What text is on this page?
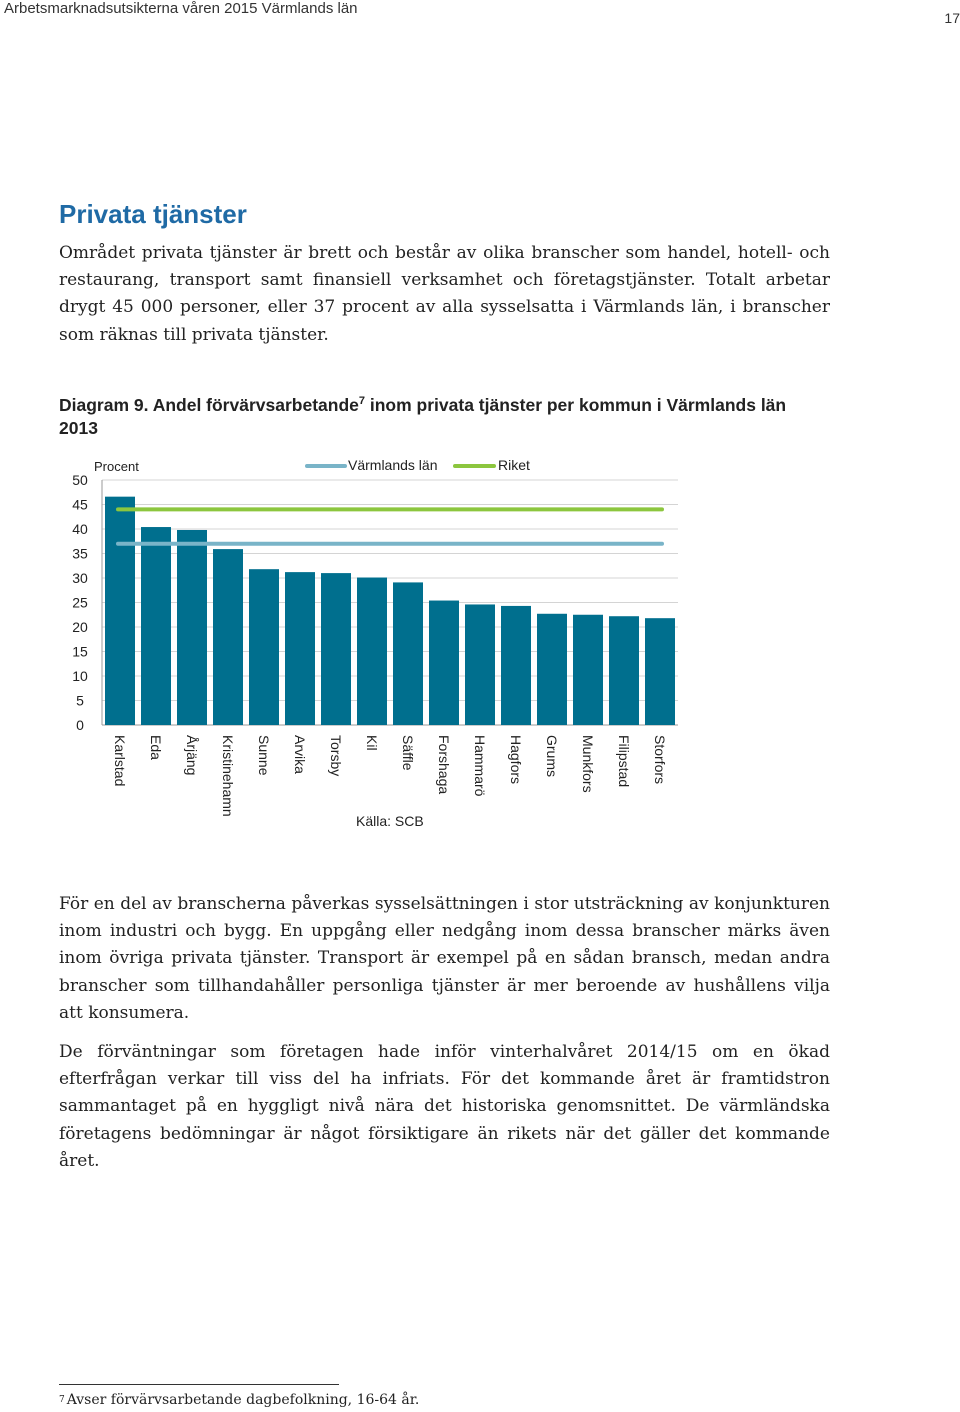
Arbetsmarknadsutsikterna våren 2015 Värmlands län
17
Privata tjänster

Området privata tjänster är brett och består av olika branscher som handel, hotell- och restaurang, transport samt finansiell verksamhet och företagstjänster. Totalt arbetar drygt 45 000 personer, eller 37 procent av alla sysselsatta i Värmlands län, i branscher som räknas till privata tjänster.

Diagram 9. Andel förvärvsarbetande$^7$ inom privata tjänster per kommun i Värmlands län 2013

0
5
10
15
20
25
30
35
40
45
50
Procent
Karlstad Eda Årjäng Kristinehamn Sunne Arvika Torsby Kil Säffle Forshaga Hammarö Hagfors Grums Munkfors Filipstad Storfors
Värmlands län	Riket
Källa: SCB

För en del av branscherna påverkas sysselsättningen i stor utsträckning av konjunkturen inom industri och bygg. En uppgång eller nedgång inom dessa branscher märks även inom övriga privata tjänster. Transport är exempel på en sådan bransch, medan andra branscher som tillhandahåller personliga tjänster är mer beroende av hushållens vilja att konsumera.

De förväntningar som företagen hade inför vinterhalvåret 2014/15 om en ökad efterfrågan verkar till viss del ha infriats. För det kommande året är framtidstron sammantaget på en hyggligt nivå nära det historiska genomsnittet. De värmländska företagens bedömningar är något försiktigare än rikets när det gäller det kommande året.

7 Avser förvärvsarbetande dagbefolkning, 16-64 år.
